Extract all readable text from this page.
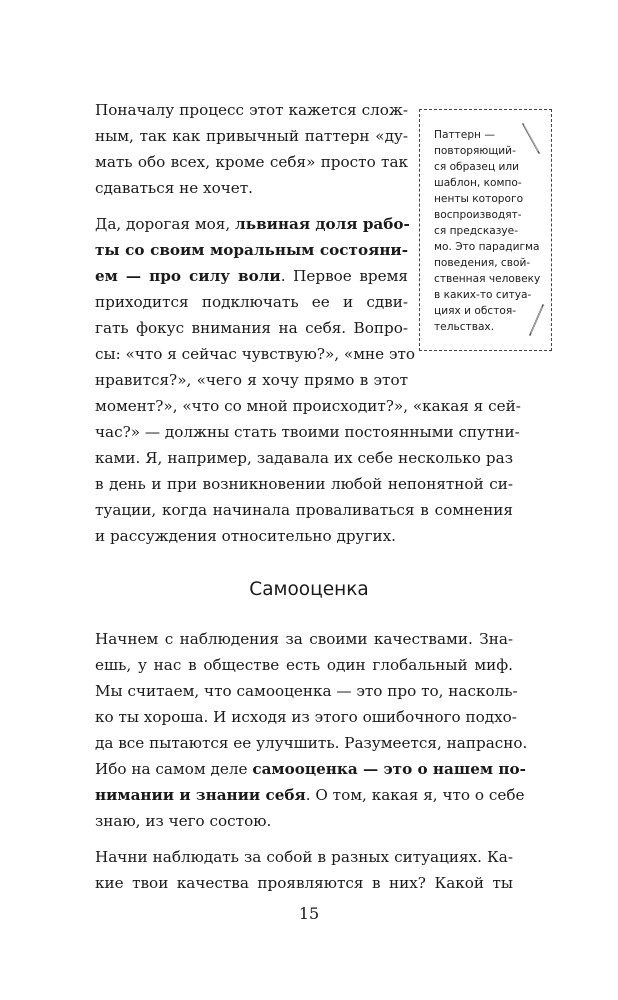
Поначалу процесс этот кажется слож-

ным, так как привычный паттерн «ду-

мать обо всех, кроме себя» просто так

сдаваться не хочет.

Да, дорогая моя, львиная доля рабо-

ты со своим моральным состояни-

ем — про силу воли. Первое время

приходится подключать ее и сдви-

гать фокус внимания на себя. Вопро-

сы: «что я сейчас чувствую?», «мне это

нравится?», «чего я хочу прямо в этот

момент?», «что со мной происходит?», «какая я сей-

час?» — должны стать твоими постоянными спутни-

ками. Я, например, задавала их себе несколько раз

в день и при возникновении любой непонятной си-

туации, когда начинала проваливаться в сомнения

и рассуждения относительно других.

Паттерн —
повторяющий-
ся образец или
шаблон, компо-
ненты которого
воспроизводят-
ся предсказуе-
мо. Это парадигма
поведения, свой-
ственная человеку
в каких-то ситуа-
циях и обстоя-
тельствах.
Самооценка

Начнем с наблюдения за своими качествами. Зна-

ешь, у нас в обществе есть один глобальный миф.

Мы считаем, что самооценка — это про то, насколь-

ко ты хороша. И исходя из этого ошибочного подхо-

да все пытаются ее улучшить. Разумеется, напрасно.

Ибо на самом деле самооценка — это о нашем по-

нимании и знании себя. О том, какая я, что о себе

знаю, из чего состою.

Начни наблюдать за собой в разных ситуациях. Ка-

кие твои качества проявляются в них? Какой ты

15
